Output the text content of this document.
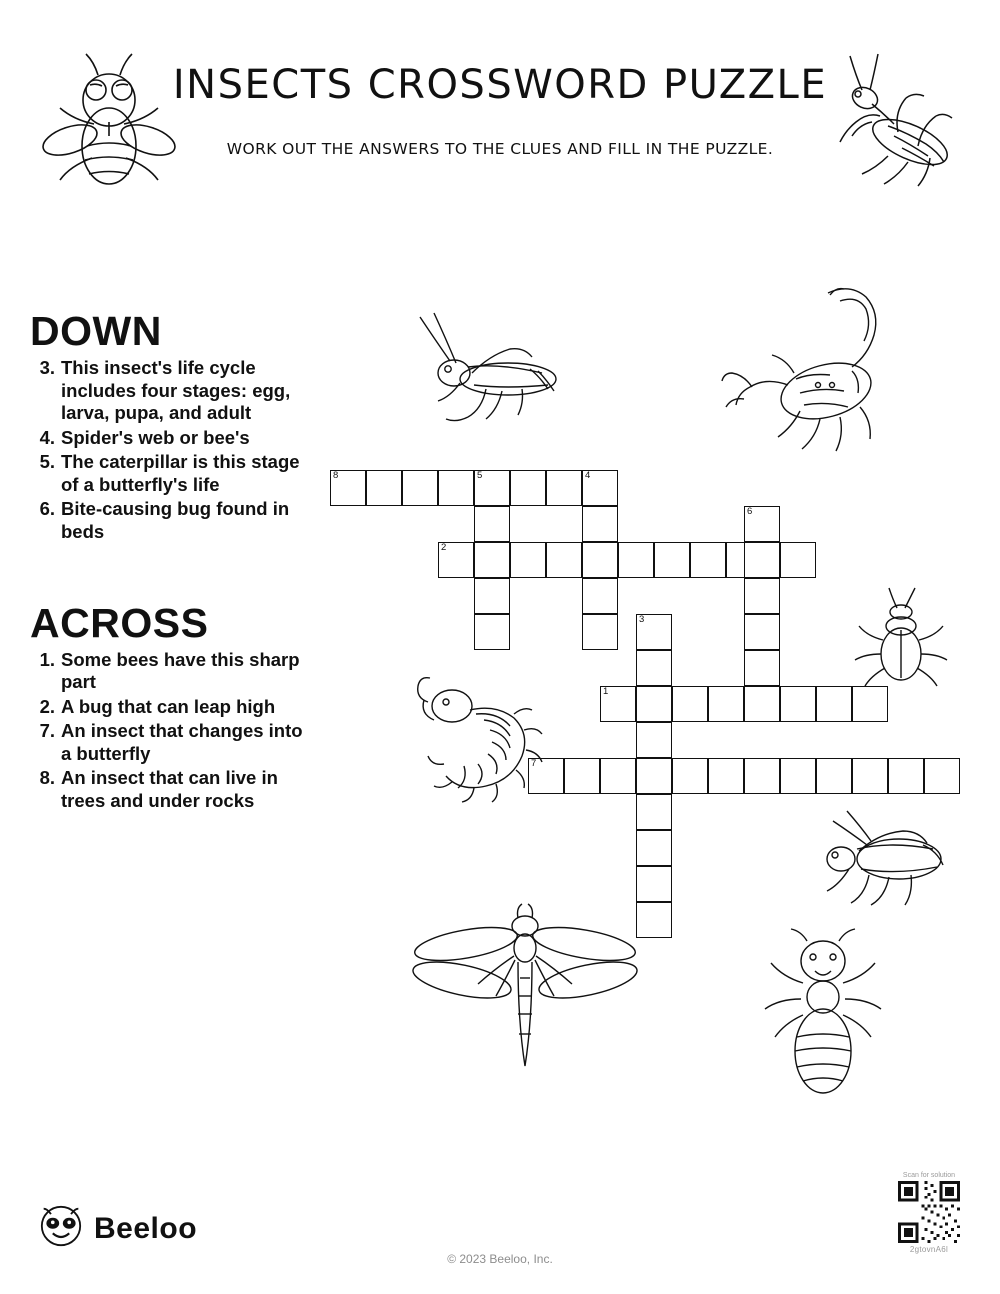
INSECTS CROSSWORD PUZZLE
WORK OUT THE ANSWERS TO THE CLUES AND FILL IN THE PUZZLE.
DOWN
3. This insect's life cycle includes four stages: egg, larva, pupa, and adult
4. Spider's web or bee's
5. The caterpillar is this stage of a butterfly's life
6. Bite-causing bug found in beds
ACROSS
1. Some bees have this sharp part
2. A bug that can leap high
7. An insect that changes into a butterfly
8. An insect that can live in trees and under rocks
8	5	4
6
2
3
1
7
Beeloo
© 2023 Beeloo, Inc.
Scan for solution
2gtovnA6l
